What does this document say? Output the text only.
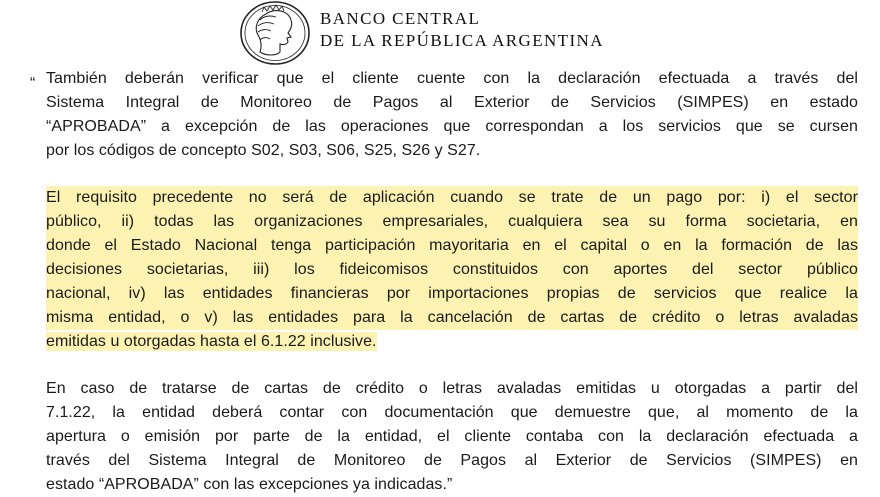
BANCO CENTRAL
DE LA REPÚBLICA ARGENTINA
“ También deberán verificar que el cliente cuente con la declaración efectuada a través del
Sistema Integral de Monitoreo de Pagos al Exterior de Servicios (SIMPES) en estado
“APROBADA” a excepción de las operaciones que correspondan a los servicios que se cursen
por los códigos de concepto S02, S03, S06, S25, S26 y S27.
El requisito precedente no será de aplicación cuando se trate de un pago por: i) el sector
público, ii) todas las organizaciones empresariales, cualquiera sea su forma societaria, en
donde el Estado Nacional tenga participación mayoritaria en el capital o en la formación de las
decisiones societarias, iii) los fideicomisos constituidos con aportes del sector público
nacional, iv) las entidades financieras por importaciones propias de servicios que realice la
misma entidad, o v) las entidades para la cancelación de cartas de crédito o letras avaladas
emitidas u otorgadas hasta el 6.1.22 inclusive.
En caso de tratarse de cartas de crédito o letras avaladas emitidas u otorgadas a partir del
7.1.22, la entidad deberá contar con documentación que demuestre que, al momento de la
apertura o emisión por parte de la entidad, el cliente contaba con la declaración efectuada a
través del Sistema Integral de Monitoreo de Pagos al Exterior de Servicios (SIMPES) en
estado “APROBADA” con las excepciones ya indicadas.”
